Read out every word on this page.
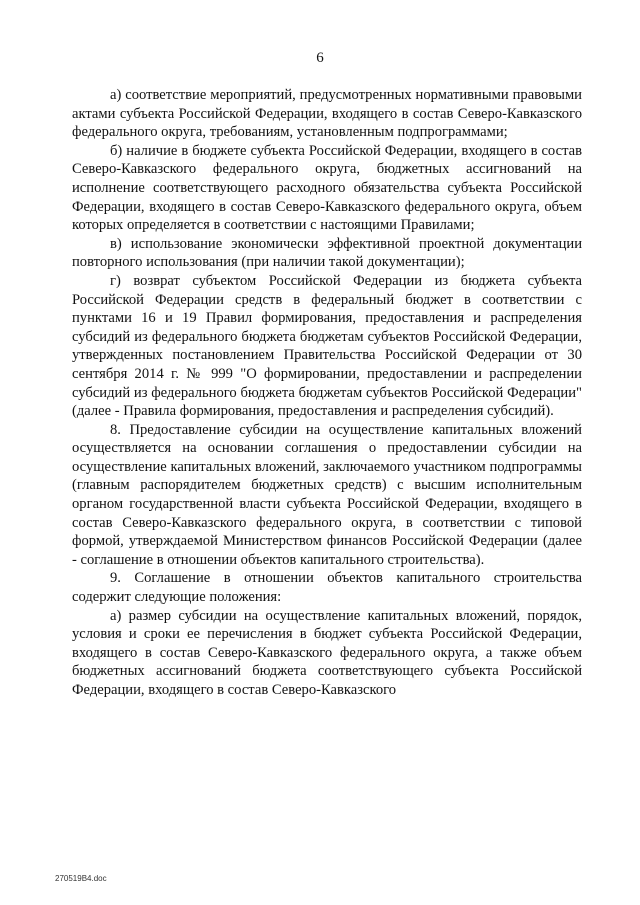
6

а) соответствие мероприятий, предусмотренных нормативными правовыми актами субъекта Российской Федерации, входящего в состав Северо-Кавказского федерального округа, требованиям, установленным подпрограммами;

б) наличие в бюджете субъекта Российской Федерации, входящего в состав Северо-Кавказского федерального округа, бюджетных ассигнований на исполнение соответствующего расходного обязательства субъекта Российской Федерации, входящего в состав Северо-Кавказского федерального округа, объем которых определяется в соответствии с настоящими Правилами;

в) использование экономически эффективной проектной документации повторного использования (при наличии такой документации);

г) возврат субъектом Российской Федерации из бюджета субъекта Российской Федерации средств в федеральный бюджет в соответствии с пунктами 16 и 19 Правил формирования, предоставления и распределения субсидий из федерального бюджета бюджетам субъектов Российской Федерации, утвержденных постановлением Правительства Российской Федерации от 30 сентября 2014 г. № 999 "О формировании, предоставлении и распределении субсидий из федерального бюджета бюджетам субъектов Российской Федерации" (далее - Правила формирования, предоставления и распределения субсидий).

8. Предоставление субсидии на осуществление капитальных вложений осуществляется на основании соглашения о предоставлении субсидии на осуществление капитальных вложений, заключаемого участником подпрограммы (главным распорядителем бюджетных средств) с высшим исполнительным органом государственной власти субъекта Российской Федерации, входящего в состав Северо-Кавказского федерального округа, в соответствии с типовой формой, утверждаемой Министерством финансов Российской Федерации (далее - соглашение в отношении объектов капитального строительства).

9. Соглашение в отношении объектов капитального строительства содержит следующие положения:

а) размер субсидии на осуществление капитальных вложений, порядок, условия и сроки ее перечисления в бюджет субъекта Российской Федерации, входящего в состав Северо-Кавказского федерального округа, а также объем бюджетных ассигнований бюджета соответствующего субъекта Российской Федерации, входящего в состав Северо-Кавказского

270519B4.doc
